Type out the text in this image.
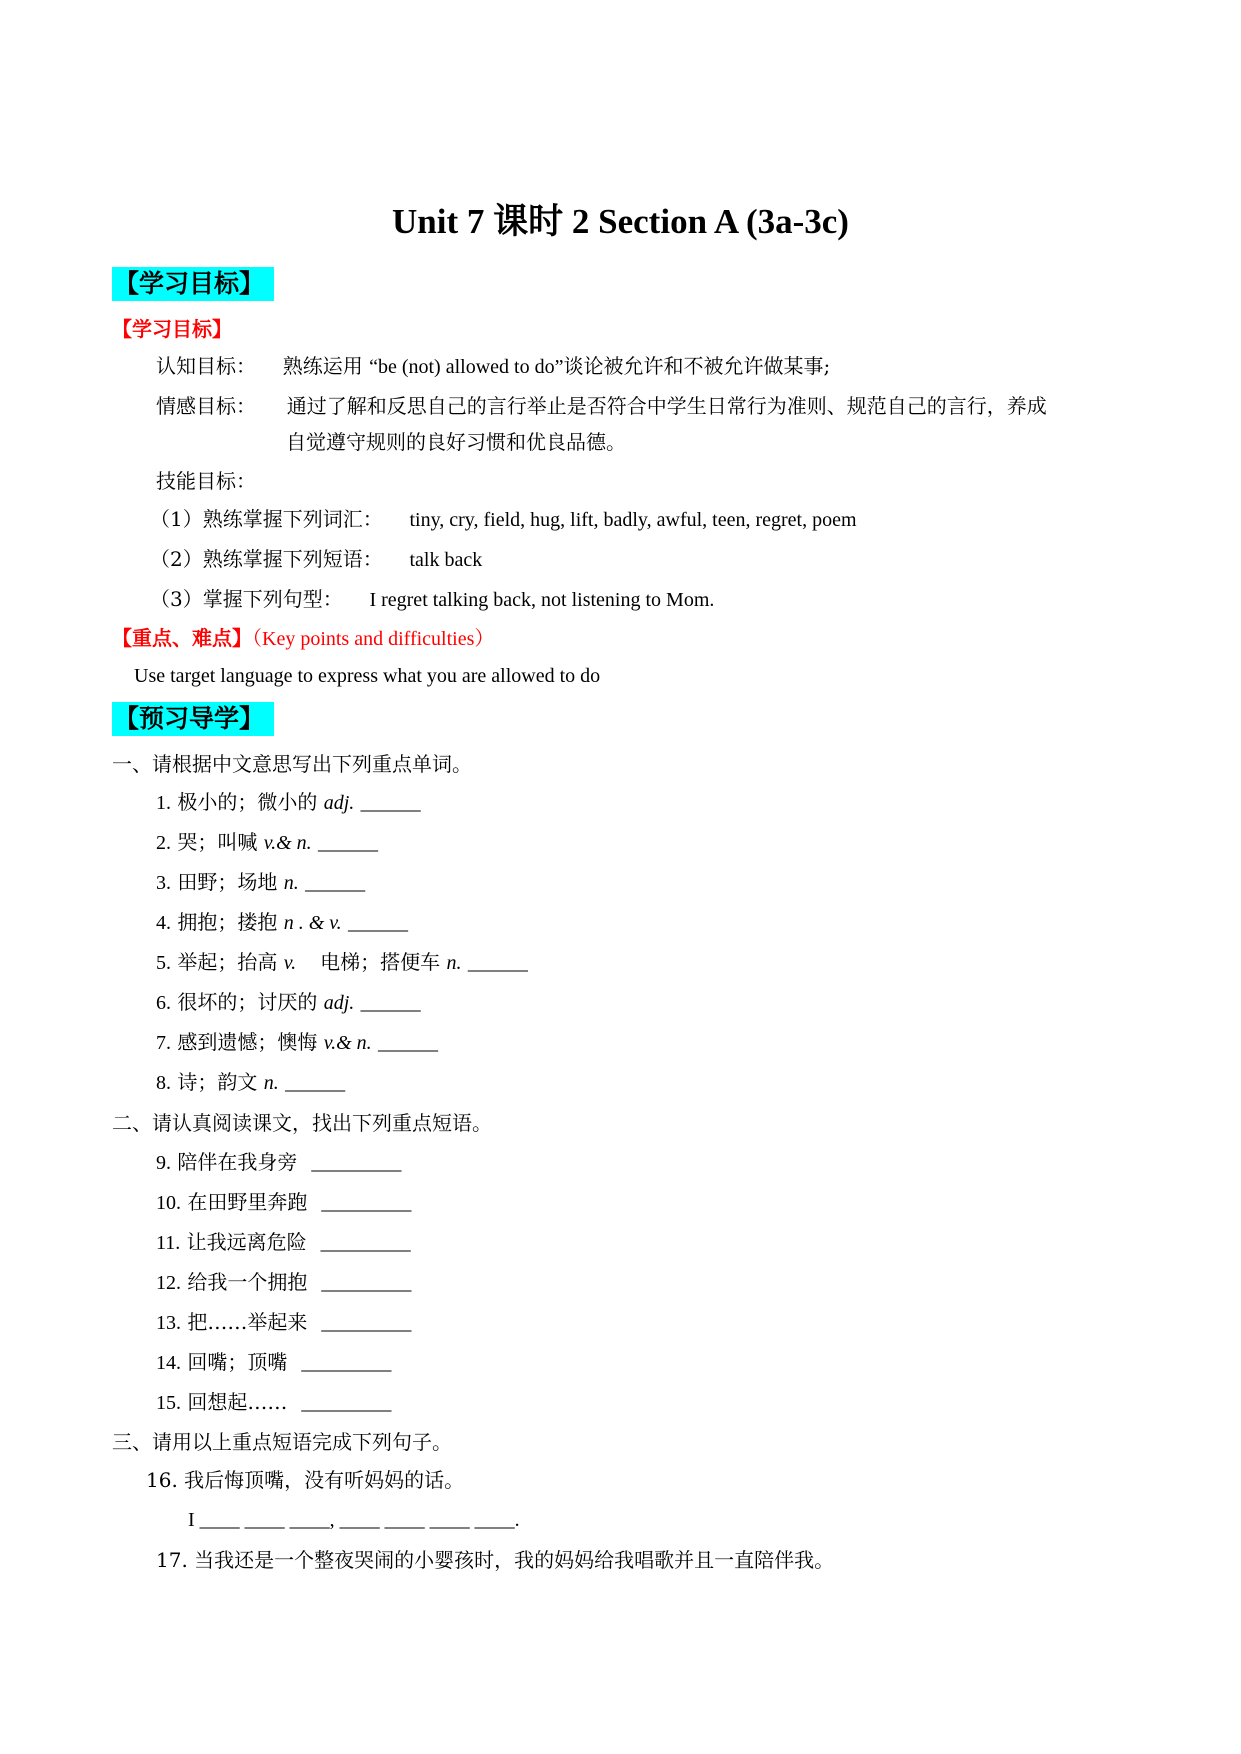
Unit 7 课时 2 Section A (3a-3c)
【学习目标】
【学习目标】
认知目标： 熟练运用 “be (not) allowed to do”谈论被允许和不被允许做某事;
情感目标： 通过了解和反思自己的言行举止是否符合中学生日常行为准则、规范自己的言行，养成
自觉遵守规则的良好习惯和优良品德。
技能目标：
（1）熟练掌握下列词汇： tiny, cry, field, hug, lift, badly, awful, teen, regret, poem
（2）熟练掌握下列短语： talk back
（3）掌握下列句型： I regret talking back, not listening to Mom.
【重点、难点】（Key points and difficulties）
Use target language to express what you are allowed to do
【预习导学】
一、请根据中文意思写出下列重点单词。
1. 极小的；微小的 adj. ______
2. 哭；叫喊 v.& n. ______
3. 田野；场地 n. ______
4. 拥抱；搂抱 n . & v. ______
5. 举起；抬高 v. 电梯；搭便车 n. ______
6. 很坏的；讨厌的 adj. ______
7. 感到遗憾；懊悔 v.& n. ______
8. 诗；韵文 n. ______
二、请认真阅读课文，找出下列重点短语。
9. 陪伴在我身旁 _________
10. 在田野里奔跑 _________
11. 让我远离危险 _________
12. 给我一个拥抱 _________
13. 把……举起来 _________
14. 回嘴；顶嘴 _________
15. 回想起…… _________
三、请用以上重点短语完成下列句子。
16. 我后悔顶嘴，没有听妈妈的话。
I ____ ____ ____, ____ ____ ____ ____.
17. 当我还是一个整夜哭闹的小婴孩时，我的妈妈给我唱歌并且一直陪伴我。
